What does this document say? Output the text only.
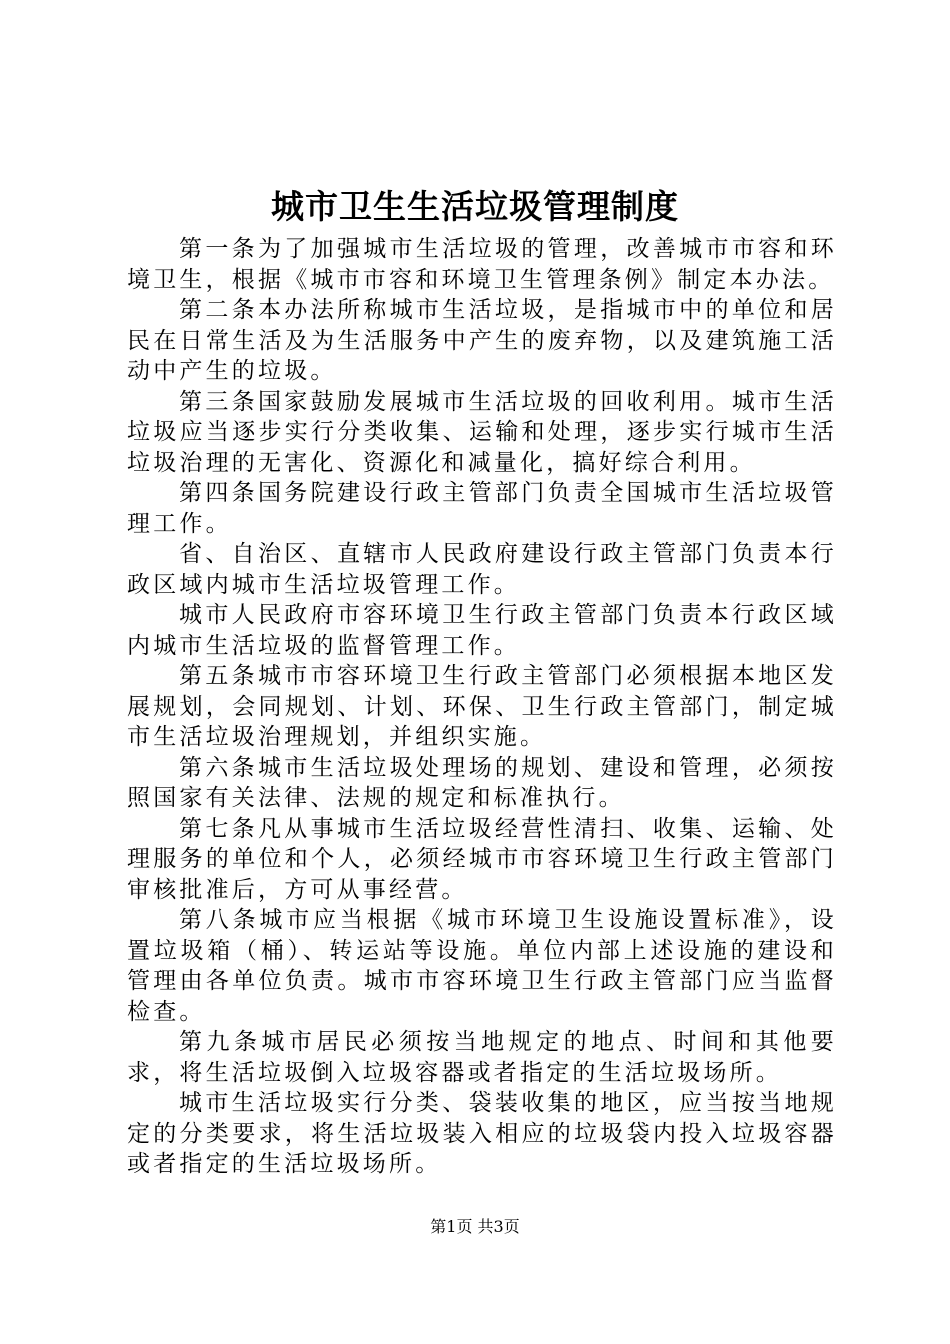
城市卫生生活垃圾管理制度

第一条为了加强城市生活垃圾的管理，改善城市市容和环境卫生，根据《城市市容和环境卫生管理条例》制定本办法。

第二条本办法所称城市生活垃圾，是指城市中的单位和居民在日常生活及为生活服务中产生的废弃物，以及建筑施工活动中产生的垃圾。

第三条国家鼓励发展城市生活垃圾的回收利用。城市生活垃圾应当逐步实行分类收集、运输和处理，逐步实行城市生活垃圾治理的无害化、资源化和减量化，搞好综合利用。

第四条国务院建设行政主管部门负责全国城市生活垃圾管理工作。

省、自治区、直辖市人民政府建设行政主管部门负责本行政区域内城市生活垃圾管理工作。

城市人民政府市容环境卫生行政主管部门负责本行政区域内城市生活垃圾的监督管理工作。

第五条城市市容环境卫生行政主管部门必须根据本地区发展规划，会同规划、计划、环保、卫生行政主管部门，制定城市生活垃圾治理规划，并组织实施。

第六条城市生活垃圾处理场的规划、建设和管理，必须按照国家有关法律、法规的规定和标准执行。

第七条凡从事城市生活垃圾经营性清扫、收集、运输、处理服务的单位和个人，必须经城市市容环境卫生行政主管部门审核批准后，方可从事经营。

第八条城市应当根据《城市环境卫生设施设置标准》，设置垃圾箱（桶）、转运站等设施。单位内部上述设施的建设和管理由各单位负责。城市市容环境卫生行政主管部门应当监督检查。

第九条城市居民必须按当地规定的地点、时间和其他要求，将生活垃圾倒入垃圾容器或者指定的生活垃圾场所。

城市生活垃圾实行分类、袋装收集的地区，应当按当地规定的分类要求，将生活垃圾装入相应的垃圾袋内投入垃圾容器或者指定的生活垃圾场所。

第1页 共3页
